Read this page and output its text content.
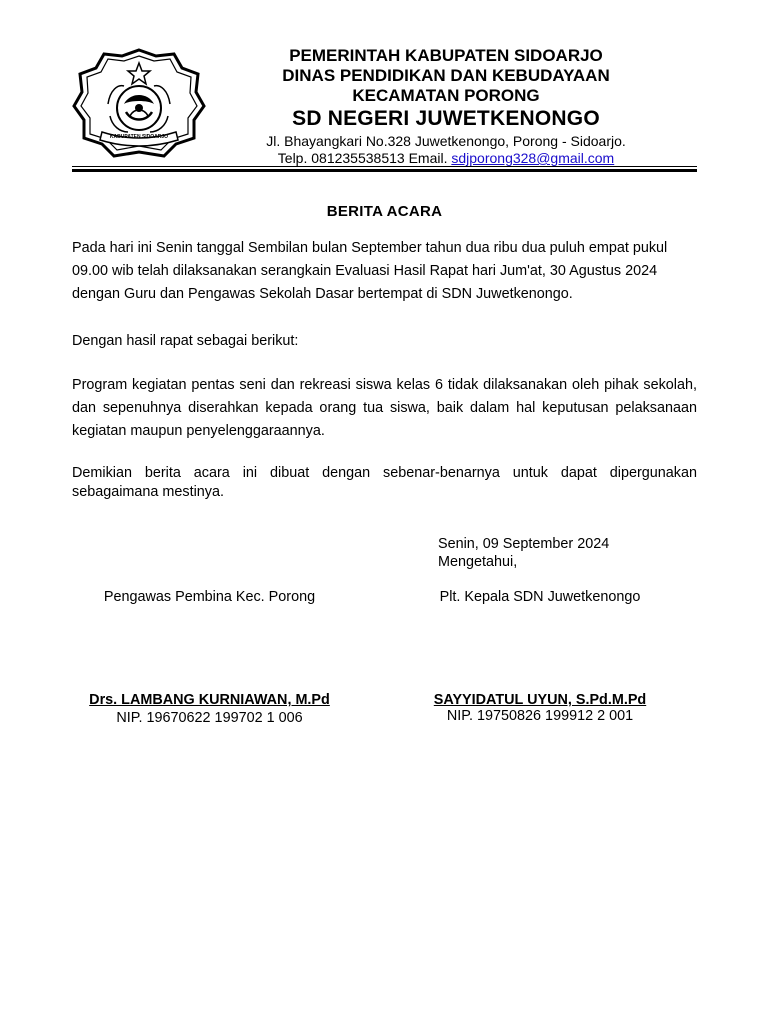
KABUPATEN SIDOARJO
PEMERINTAH KABUPATEN SIDOARJO
DINAS PENDIDIKAN DAN KEBUDAYAAN
KECAMATAN PORONG
SD NEGERI JUWETKENONGO
Jl. Bhayangkari No.328 Juwetkenongo, Porong - Sidoarjo.
Telp. 081235538513 Email. sdjporong328@gmail.com
BERITA ACARA
Pada hari ini Senin tanggal Sembilan bulan September tahun dua ribu dua puluh empat pukul 09.00 wib telah dilaksanakan serangkain Evaluasi Hasil Rapat hari Jum'at, 30 Agustus 2024 dengan Guru dan Pengawas Sekolah Dasar bertempat di SDN Juwetkenongo.
Dengan hasil rapat sebagai berikut:
Program kegiatan pentas seni dan rekreasi siswa kelas 6 tidak dilaksanakan oleh pihak sekolah, dan sepenuhnya diserahkan kepada orang tua siswa, baik dalam hal keputusan pelaksanaan kegiatan maupun penyelenggaraannya.
Demikian berita acara ini dibuat dengan sebenar-benarnya untuk dapat dipergunakan sebagaimana mestinya.
Senin, 09 September 2024
Mengetahui,
Pengawas Pembina Kec. Porong	Plt. Kepala SDN Juwetkenongo
Drs. LAMBANG KURNIAWAN, M.Pd
NIP. 19670622 199702 1 006
SAYYIDATUL UYUN, S.Pd.M.Pd
NIP. 19750826 199912 2 001
